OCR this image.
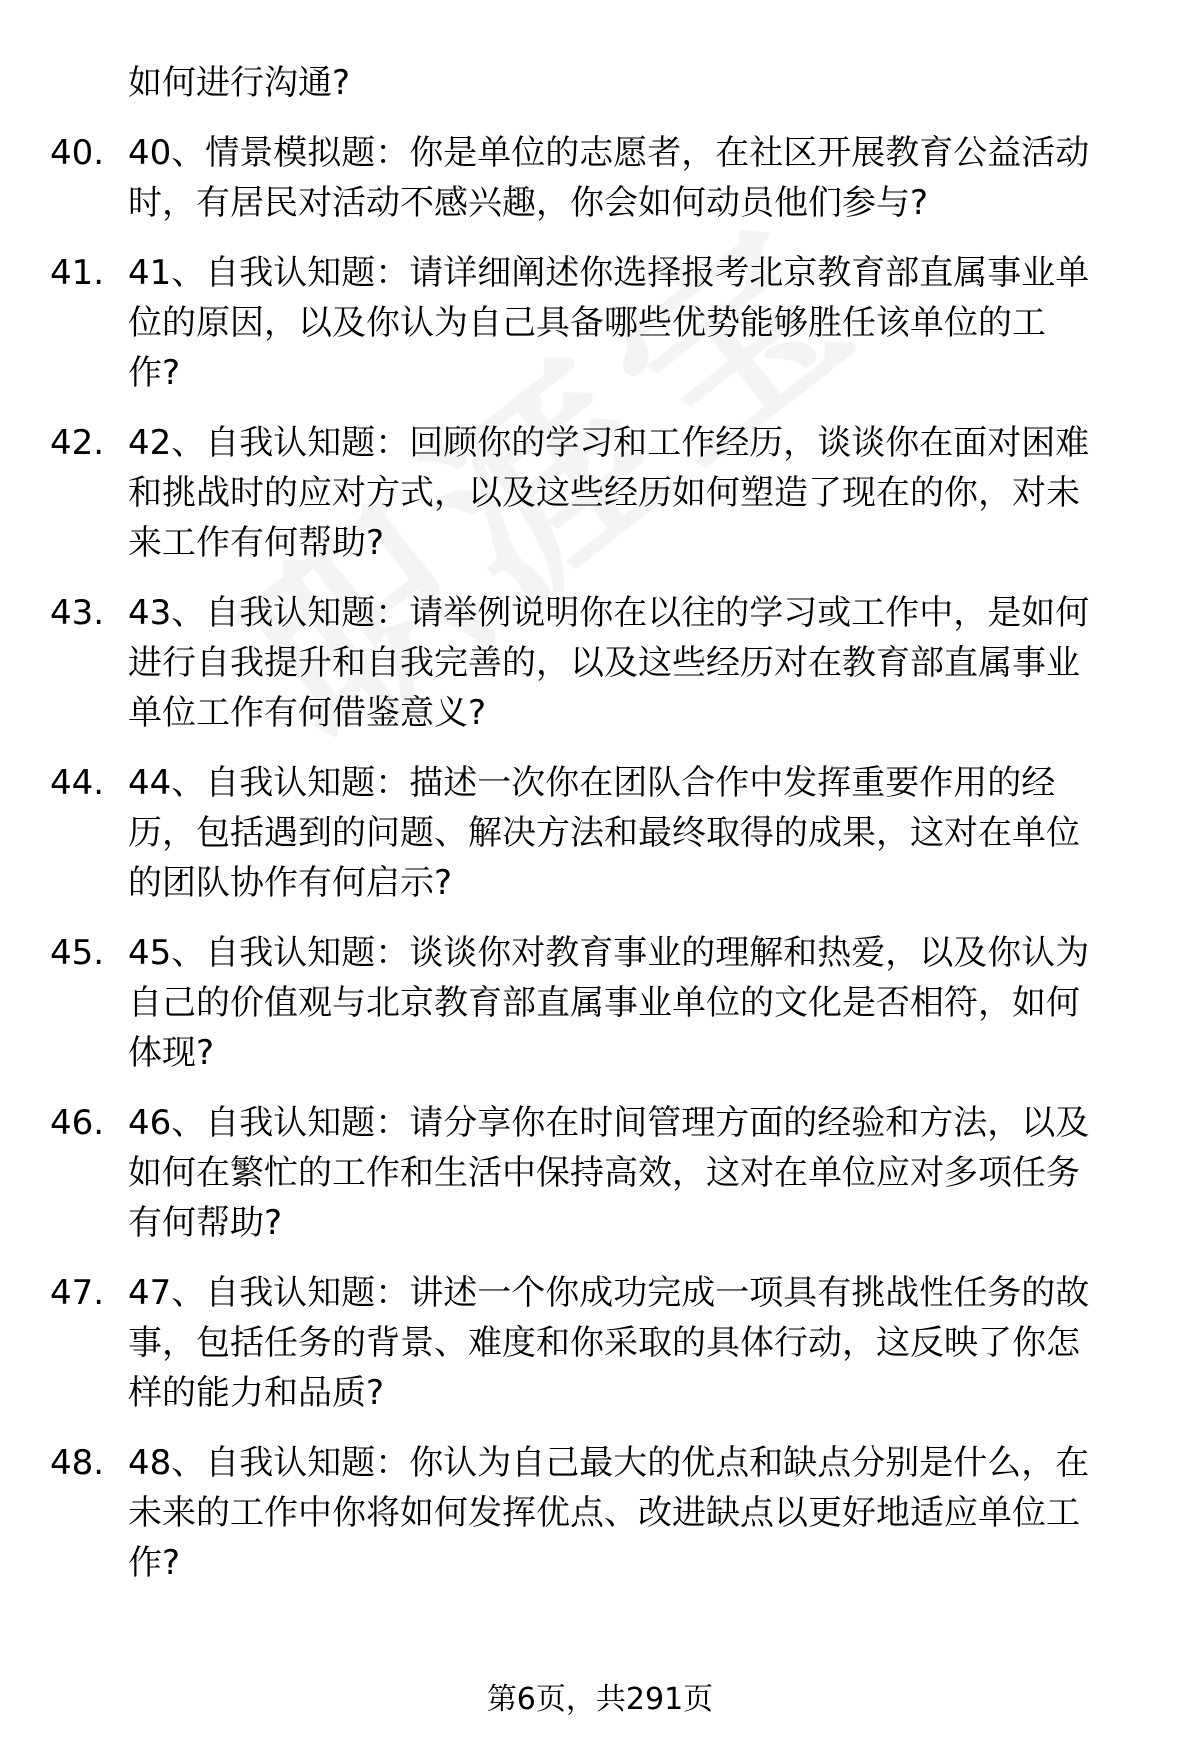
如何进行沟通?
40. 40、情景模拟题：你是单位的志愿者，在社区开展教育公益活动
时，有居民对活动不感兴趣，你会如何动员他们参与?
41. 41、自我认知题：请详细阐述你选择报考北京教育部直属事业单
位的原因，以及你认为自己具备哪些优势能够胜任该单位的工
作?
42. 42、自我认知题：回顾你的学习和工作经历，谈谈你在面对困难
和挑战时的应对方式，以及这些经历如何塑造了现在的你，对未
来工作有何帮助?
43. 43、自我认知题：请举例说明你在以往的学习或工作中，是如何
进行自我提升和自我完善的，以及这些经历对在教育部直属事业
单位工作有何借鉴意义?
44. 44、自我认知题：描述一次你在团队合作中发挥重要作用的经
历，包括遇到的问题、解决方法和最终取得的成果，这对在单位
的团队协作有何启示?
45. 45、自我认知题：谈谈你对教育事业的理解和热爱，以及你认为
自己的价值观与北京教育部直属事业单位的文化是否相符，如何
体现?
46. 46、自我认知题：请分享你在时间管理方面的经验和方法，以及
如何在繁忙的工作和生活中保持高效，这对在单位应对多项任务
有何帮助?
47. 47、自我认知题：讲述一个你成功完成一项具有挑战性任务的故
事，包括任务的背景、难度和你采取的具体行动，这反映了你怎
样的能力和品质?
48. 48、自我认知题：你认为自己最大的优点和缺点分别是什么，在
未来的工作中你将如何发挥优点、改进缺点以更好地适应单位工
作?
第6页，共291页
